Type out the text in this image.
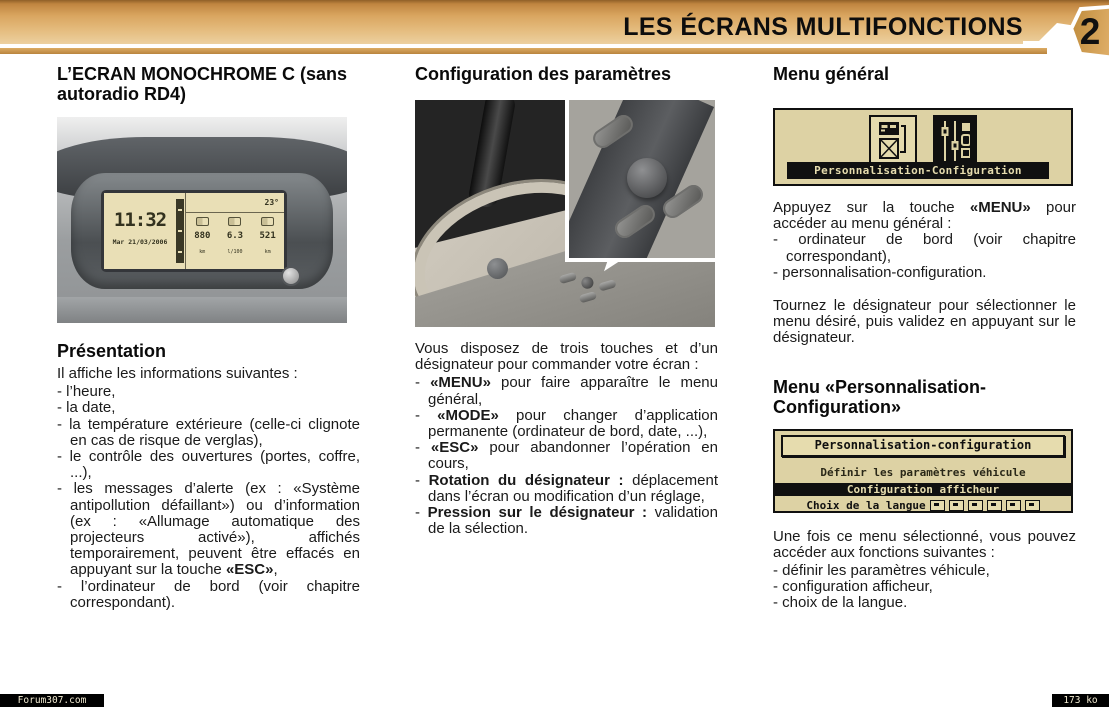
LES ÉCRANS MULTIFONCTIONS 2
L’ECRAN MONOCHROME C (sans autoradio RD4)
11:32
Mar 21/03/2006
23°
880
km
6.3
l/100
521
km
Présentation

Il affiche les informations suivantes :

- l’heure,
- la date,
- la température extérieure (celle-ci clignote en cas de risque de verglas),
- le contrôle des ouvertures (portes, coffre, ...),
- les messages d’alerte (ex : «Système antipollution défaillant») ou d’information (ex : «Allumage automatique des projecteurs activé»), affichés temporairement, peuvent être effacés en appuyant sur la touche «ESC»,
- l’ordinateur de bord (voir chapitre correspondant).
Configuration des paramètres

Vous disposez de trois touches et d’un désignateur pour commander votre écran :

- «MENU» pour faire apparaître le menu général,
- «MODE» pour changer d’application permanente (ordinateur de bord, date, ...),
- «ESC» pour abandonner l’opération en cours,
- Rotation du désignateur : déplacement dans l’écran ou modification d’un réglage,
- Pression sur le désignateur : validation de la sélection.
Menu général
Personnalisation-Configuration

Appuyez sur la touche «MENU» pour accéder au menu général :

- ordinateur de bord (voir chapitre correspondant),
- personnalisation-configuration.

Tournez le désignateur pour sélectionner le menu désiré, puis validez en appuyant sur le désignateur.

Menu «Personnalisation-Configuration»
Personnalisation-configuration
Définir les paramètres véhicule
Configuration afficheur
Choix de la langue

Une fois ce menu sélectionné, vous pouvez accéder aux fonctions suivantes :

- définir les paramètres véhicule,
- configuration afficheur,
- choix de la langue.
Forum307.com	173 ko
